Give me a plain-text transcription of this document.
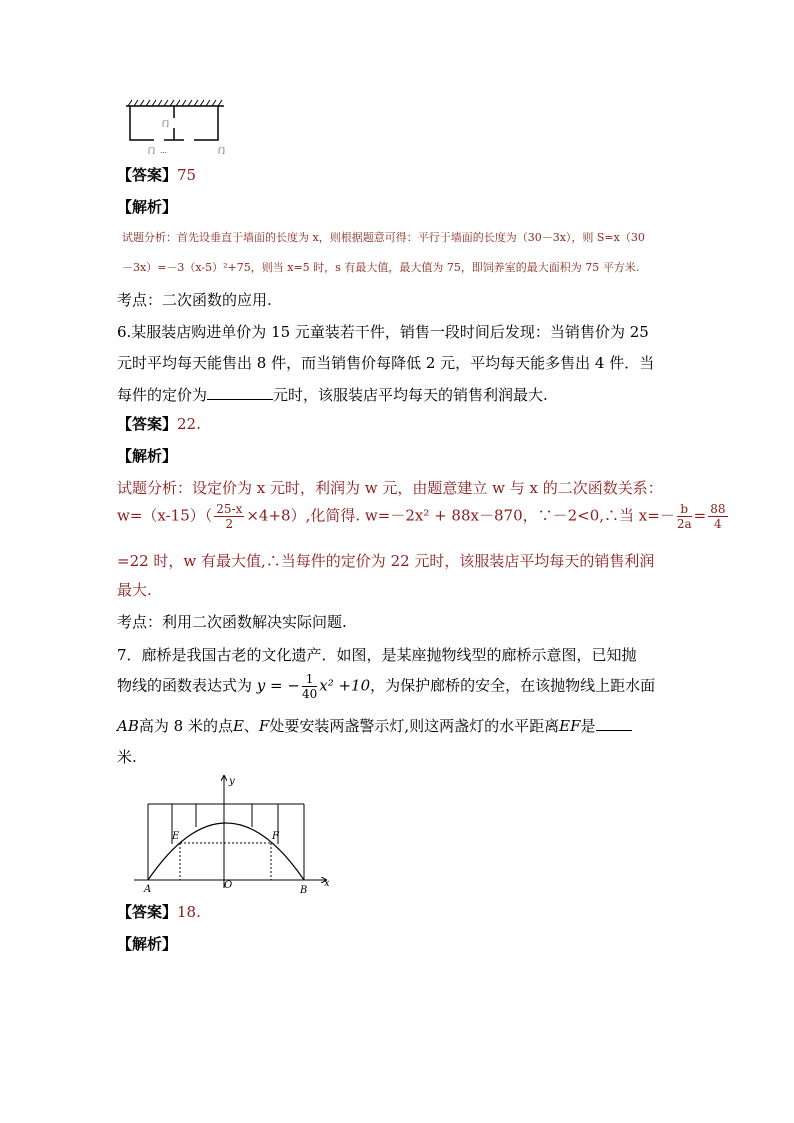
门
门 …	门
【答案】75
【解析】
试题分析：首先设垂直于墙面的长度为 x，则根据题意可得：平行于墙面的长度为（30－3x），则 S=x（30
－3x）=－3（x-5）²+75，则当 x=5 时，s 有最大值，最大值为 75，即饲养室的最大面积为 75 平方米.
考点：二次函数的应用.
6.某服装店购进单价为 15 元童装若干件，销售一段时间后发现：当销售价为 25
元时平均每天能售出 8 件，而当销售价每降低 2 元，平均每天能多售出 4 件．当
每件的定价为	元时，该服装店平均每天的销售利润最大.
【答案】22.
【解析】
试题分析：设定价为 x 元时，利润为 w 元，由题意建立 w 与 x 的二次函数关系：
$w=(x-15)( \frac{25-x}{2} \times 4+8)$,化简得. w=－2x² + 88x－870，∵－2<0,∴当 $x=- \frac{b}{2a} = \frac{88}{4}$
=22 时，w 有最大值,∴当每件的定价为 22 元时，该服装店平均每天的销售利润
最大.
考点：利用二次函数解决实际问题.
7．廊桥是我国古老的文化遗产．如图，是某座抛物线型的廊桥示意图，已知抛
物线的函数表达式为 y = − $\frac{1}{40} x^2 +10$，为保护廊桥的安全，在该抛物线上距水面
AB高为 8 米的点E、F处要安装两盏警示灯,则这两盏灯的水平距离EF是
米.
y
x
E	F
A	O	B
【答案】18.
【解析】
